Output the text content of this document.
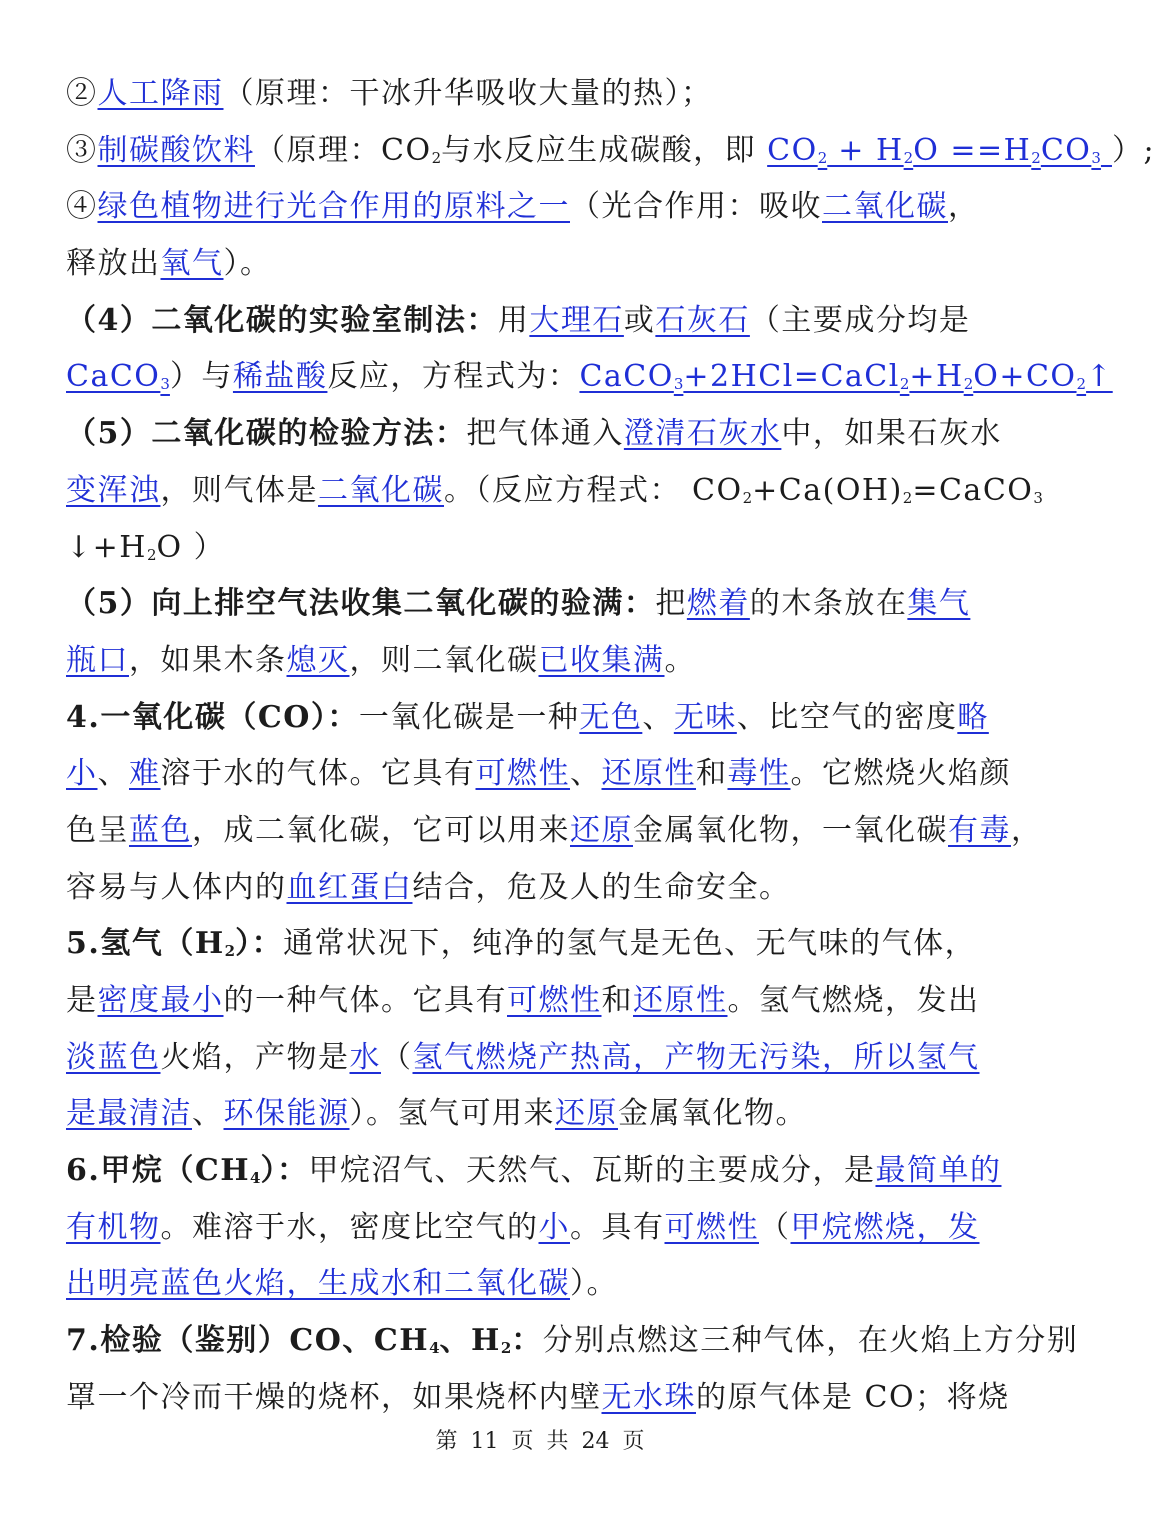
②人工降雨（原理：干冰升华吸收大量的热）；
③制碳酸饮料（原理：$CO_2$与水反应生成碳酸，即 $CO_2 + H_2O ==H_2CO_3$ ）;
④绿色植物进行光合作用的原料之一（光合作用：吸收二氧化碳，
释放出氧气）。
（4）二氧化碳的实验室制法：用大理石或石灰石（主要成分均是
CaCO$_3$）与稀盐酸反应，方程式为：$CaCO_3+2HCl=CaCl_2+H_2O+CO_2↑$
（5）二氧化碳的检验方法：把气体通入澄清石灰水中，如果石灰水
变浑浊，则气体是二氧化碳。（反应方程式： $CO_2+Ca(OH)_2=CaCO_3$
$↓+H_2O$ ）
（5）向上排空气法收集二氧化碳的验满：把燃着的木条放在集气
瓶口，如果木条熄灭，则二氧化碳已收集满。
4.一氧化碳（CO）：一氧化碳是一种无色、无味、比空气的密度略
小、难溶于水的气体。它具有可燃性、还原性和毒性。它燃烧火焰颜
色呈蓝色，成二氧化碳，它可以用来还原金属氧化物，一氧化碳有毒，
容易与人体内的血红蛋白结合，危及人的生命安全。
5.氢气$(H_2)$：通常状况下，纯净的氢气是无色、无气味的气体，
是密度最小的一种气体。它具有可燃性和还原性。氢气燃烧，发出
淡蓝色火焰，产物是水（氢气燃烧产热高，产物无污染，所以氢气
是最清洁、环保能源）。氢气可用来还原金属氧化物。
6.甲烷$(CH_4)$：甲烷沼气、天然气、瓦斯的主要成分，是最简单的
有机物。难溶于水，密度比空气的小。具有可燃性（甲烷燃烧，发
出明亮蓝色火焰，生成水和二氧化碳）。
7.检验（鉴别）CO、$CH_4$、$H_2$：分别点燃这三种气体，在火焰上方分别
罩一个冷而干燥的烧杯，如果烧杯内壁无水珠的原气体是 CO；将烧
第 11 页 共 24 页
